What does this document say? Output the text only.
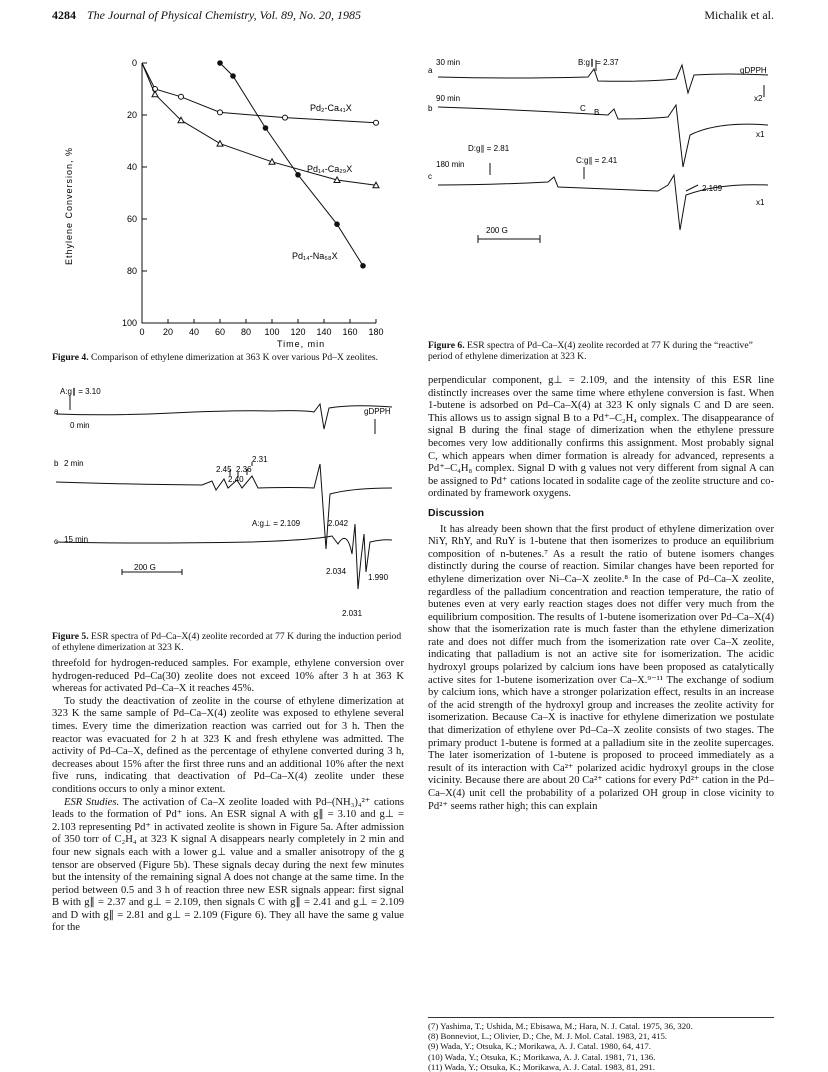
4284 The Journal of Physical Chemistry, Vol. 89, No. 20, 1985	Michalik et al.
0
20
40
60
80
100
0 20 40 60 80 100 120 140 160 180
Ethylene Conversion, %
Time, min
Pd₂-Ca₄₁X
Pd₁₄-Ca₂₉X
Pd₁₄-Na₅₈X
Figure 4. Comparison of ethylene dimerization at 363 K over various Pd–X zeolites.
A:g∥ = 3.10
a
0 min
b 2 min
c 15 min
gDPPH
2.45 2.36
2.31
2.40
A:g⊥ = 2.109	2.042
2.034
1.990
2.031
200 G
Figure 5. ESR spectra of Pd–Ca–X(4) zeolite recorded at 77 K during the induction period of ethylene dimerization at 323 K.

threefold for hydrogen-reduced samples. For example, ethylene conversion over hydrogen-reduced Pd–Ca(30) zeolite does not exceed 10% after 3 h at 363 K whereas for activated Pd–Ca–X it reaches 45%.

To study the deactivation of zeolite in the course of ethylene dimerization at 323 K the same sample of Pd–Ca–X(4) zeolite was exposed to ethylene several times. Every time the dimerization reaction was carried out for 3 h. Then the reactor was evacuated for 2 h at 323 K and fresh ethylene was admitted. The activity of Pd–Ca–X, defined as the percentage of ethylene converted during 3 h, decreases about 15% after the first three runs and an additional 10% after the next five runs, indicating that deactivation of Pd–Ca–X(4) zeolite under these conditions occurs to only a minor extent.

ESR Studies. The activation of Ca–X zeolite loaded with Pd–(NH₃)₄²⁺ cations leads to the formation of Pd⁺ ions. An ESR signal A with g∥ = 3.10 and g⊥ = 2.103 representing Pd⁺ in activated zeolite is shown in Figure 5a. After admission of 350 torr of C₂H₄ at 323 K signal A disappears nearly completely in 2 min and four new signals each with a lower g⊥ value and a smaller anisotropy of the g tensor are observed (Figure 5b). These signals decay during the next few minutes but the intensity of the remaining signal A does not change at the same time. In the period between 0.5 and 3 h of reaction three new ESR signals appear: first signal B with g∥ = 2.37 and g⊥ = 2.109, then signals C with g∥ = 2.41 and g⊥ = 2.109 and D with g∥ = 2.81 and g⊥ = 2.109 (Figure 6). They all have the same g value for the

a
30 min	B:g∥ = 2.37
gDPPH
b
90 min	x2
C B
x1
D:g∥ = 2.81
C:g∥ = 2.41
180 min
c
2.109
x1
200 G
Figure 6. ESR spectra of Pd–Ca–X(4) zeolite recorded at 77 K during the “reactive” period of ethylene dimerization at 323 K.

perpendicular component, g⊥ = 2.109, and the intensity of this ESR line distinctly increases over the same time where ethylene conversion is fast. When 1-butene is adsorbed on Pd–Ca–X(4) at 323 K only signals C and D are seen. This allows us to assign signal B to a Pd⁺–C₂H₄ complex. The disappearance of signal B during the final stage of dimerization when the ethylene pressure becomes very low additionally confirms this assignment. Most probably signal C, which appears when dimer formation is already for advanced, represents a Pd⁺–C₄H₈ complex. Signal D with g values not very different from signal A can be assigned to Pd⁺ cations located in sodalite cage of the zeolite structure and co-ordinated by framework oxygens.

Discussion

It has already been shown that the first product of ethylene dimerization over NiY, RhY, and RuY is 1-butene that then isomerizes to produce an equilibrium composition of n-butenes.⁷ As a result the ratio of butene isomers changes distinctly during the course of reaction. Similar changes have been reported for ethylene dimerization over Ni–Ca–X zeolite.⁸ In the case of Pd–Ca–X zeolite, regardless of the palladium concentration and reaction temperature, the ratio of butenes even at very early reaction stages does not differ very much from the equilibrium composition. The results of 1-butene isomerization over Pd–Ca–X(4) show that the isomerization rate is much faster than the ethylene dimerization rate and does not differ much from the isomerization rate over Ca–X zeolite, indicating that palladium is not an active site for isomerization. The acidic hydroxyl groups polarized by calcium ions have been proposed as catalytically active sites for 1-butene isomerization over Ca–X.⁹⁻¹¹ The exchange of sodium by calcium ions, which have a stronger polarization effect, results in an increase of the acid strength of the hydroxyl group and increases the zeolite activity for isomerization. Because Ca–X is inactive for ethylene dimerization we postulate that dimerization of ethylene over Pd–Ca–X zeolite consists of two stages. The primary product 1-butene is formed at a palladium site in the zeolite supercages. The later isomerization of 1-butene is proposed to proceed immediately as a result of its interaction with Ca²⁺ polarized acidic hydroxyl groups in the close vicinity. Because there are about 20 Ca²⁺ cations for every Pd²⁺ cation in the Pd–Ca–X(4) unit cell the probability of a polarized OH group in close vicinity to Pd²⁺ seems rather high; this can explain

(7) Yashima, T.; Ushida, M.; Ebisawa, M.; Hara, N. J. Catal. 1975, 36, 320.
(8) Bonneviot, L.; Olivier, D.; Che, M. J. Mol. Catal. 1983, 21, 415.
(9) Wada, Y.; Otsuka, K.; Morikawa, A. J. Catal. 1980, 64, 417.
(10) Wada, Y.; Otsuka, K.; Morikawa, A. J. Catal. 1981, 71, 136.
(11) Wada, Y.; Otsuka, K.; Morikawa, A. J. Catal. 1983, 81, 291.
